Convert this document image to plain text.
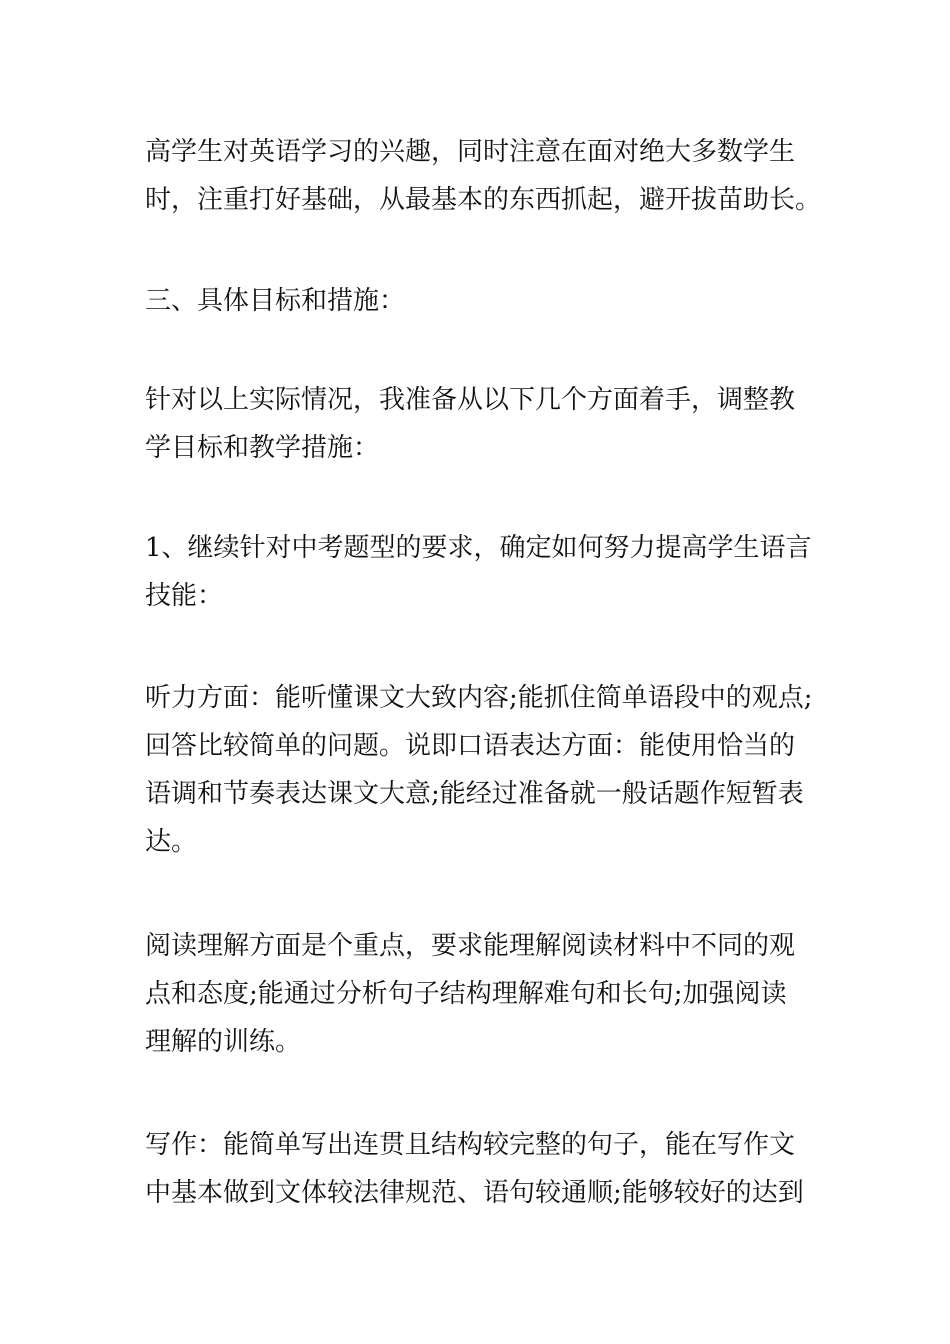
高学生对英语学习的兴趣，同时注意在面对绝大多数学生
时，注重打好基础，从最基本的东西抓起，避开拔苗助长。
三、具体目标和措施：
针对以上实际情况，我准备从以下几个方面着手，调整教
学目标和教学措施：
1、继续针对中考题型的要求，确定如何努力提高学生语言
技能：
听力方面：能听懂课文大致内容;能抓住简单语段中的观点;
回答比较简单的问题。说即口语表达方面：能使用恰当的
语调和节奏表达课文大意;能经过准备就一般话题作短暂表
达。
阅读理解方面是个重点，要求能理解阅读材料中不同的观
点和态度;能通过分析句子结构理解难句和长句;加强阅读
理解的训练。
写作：能简单写出连贯且结构较完整的句子，能在写作文
中基本做到文体较法律规范、语句较通顺;能够较好的达到
